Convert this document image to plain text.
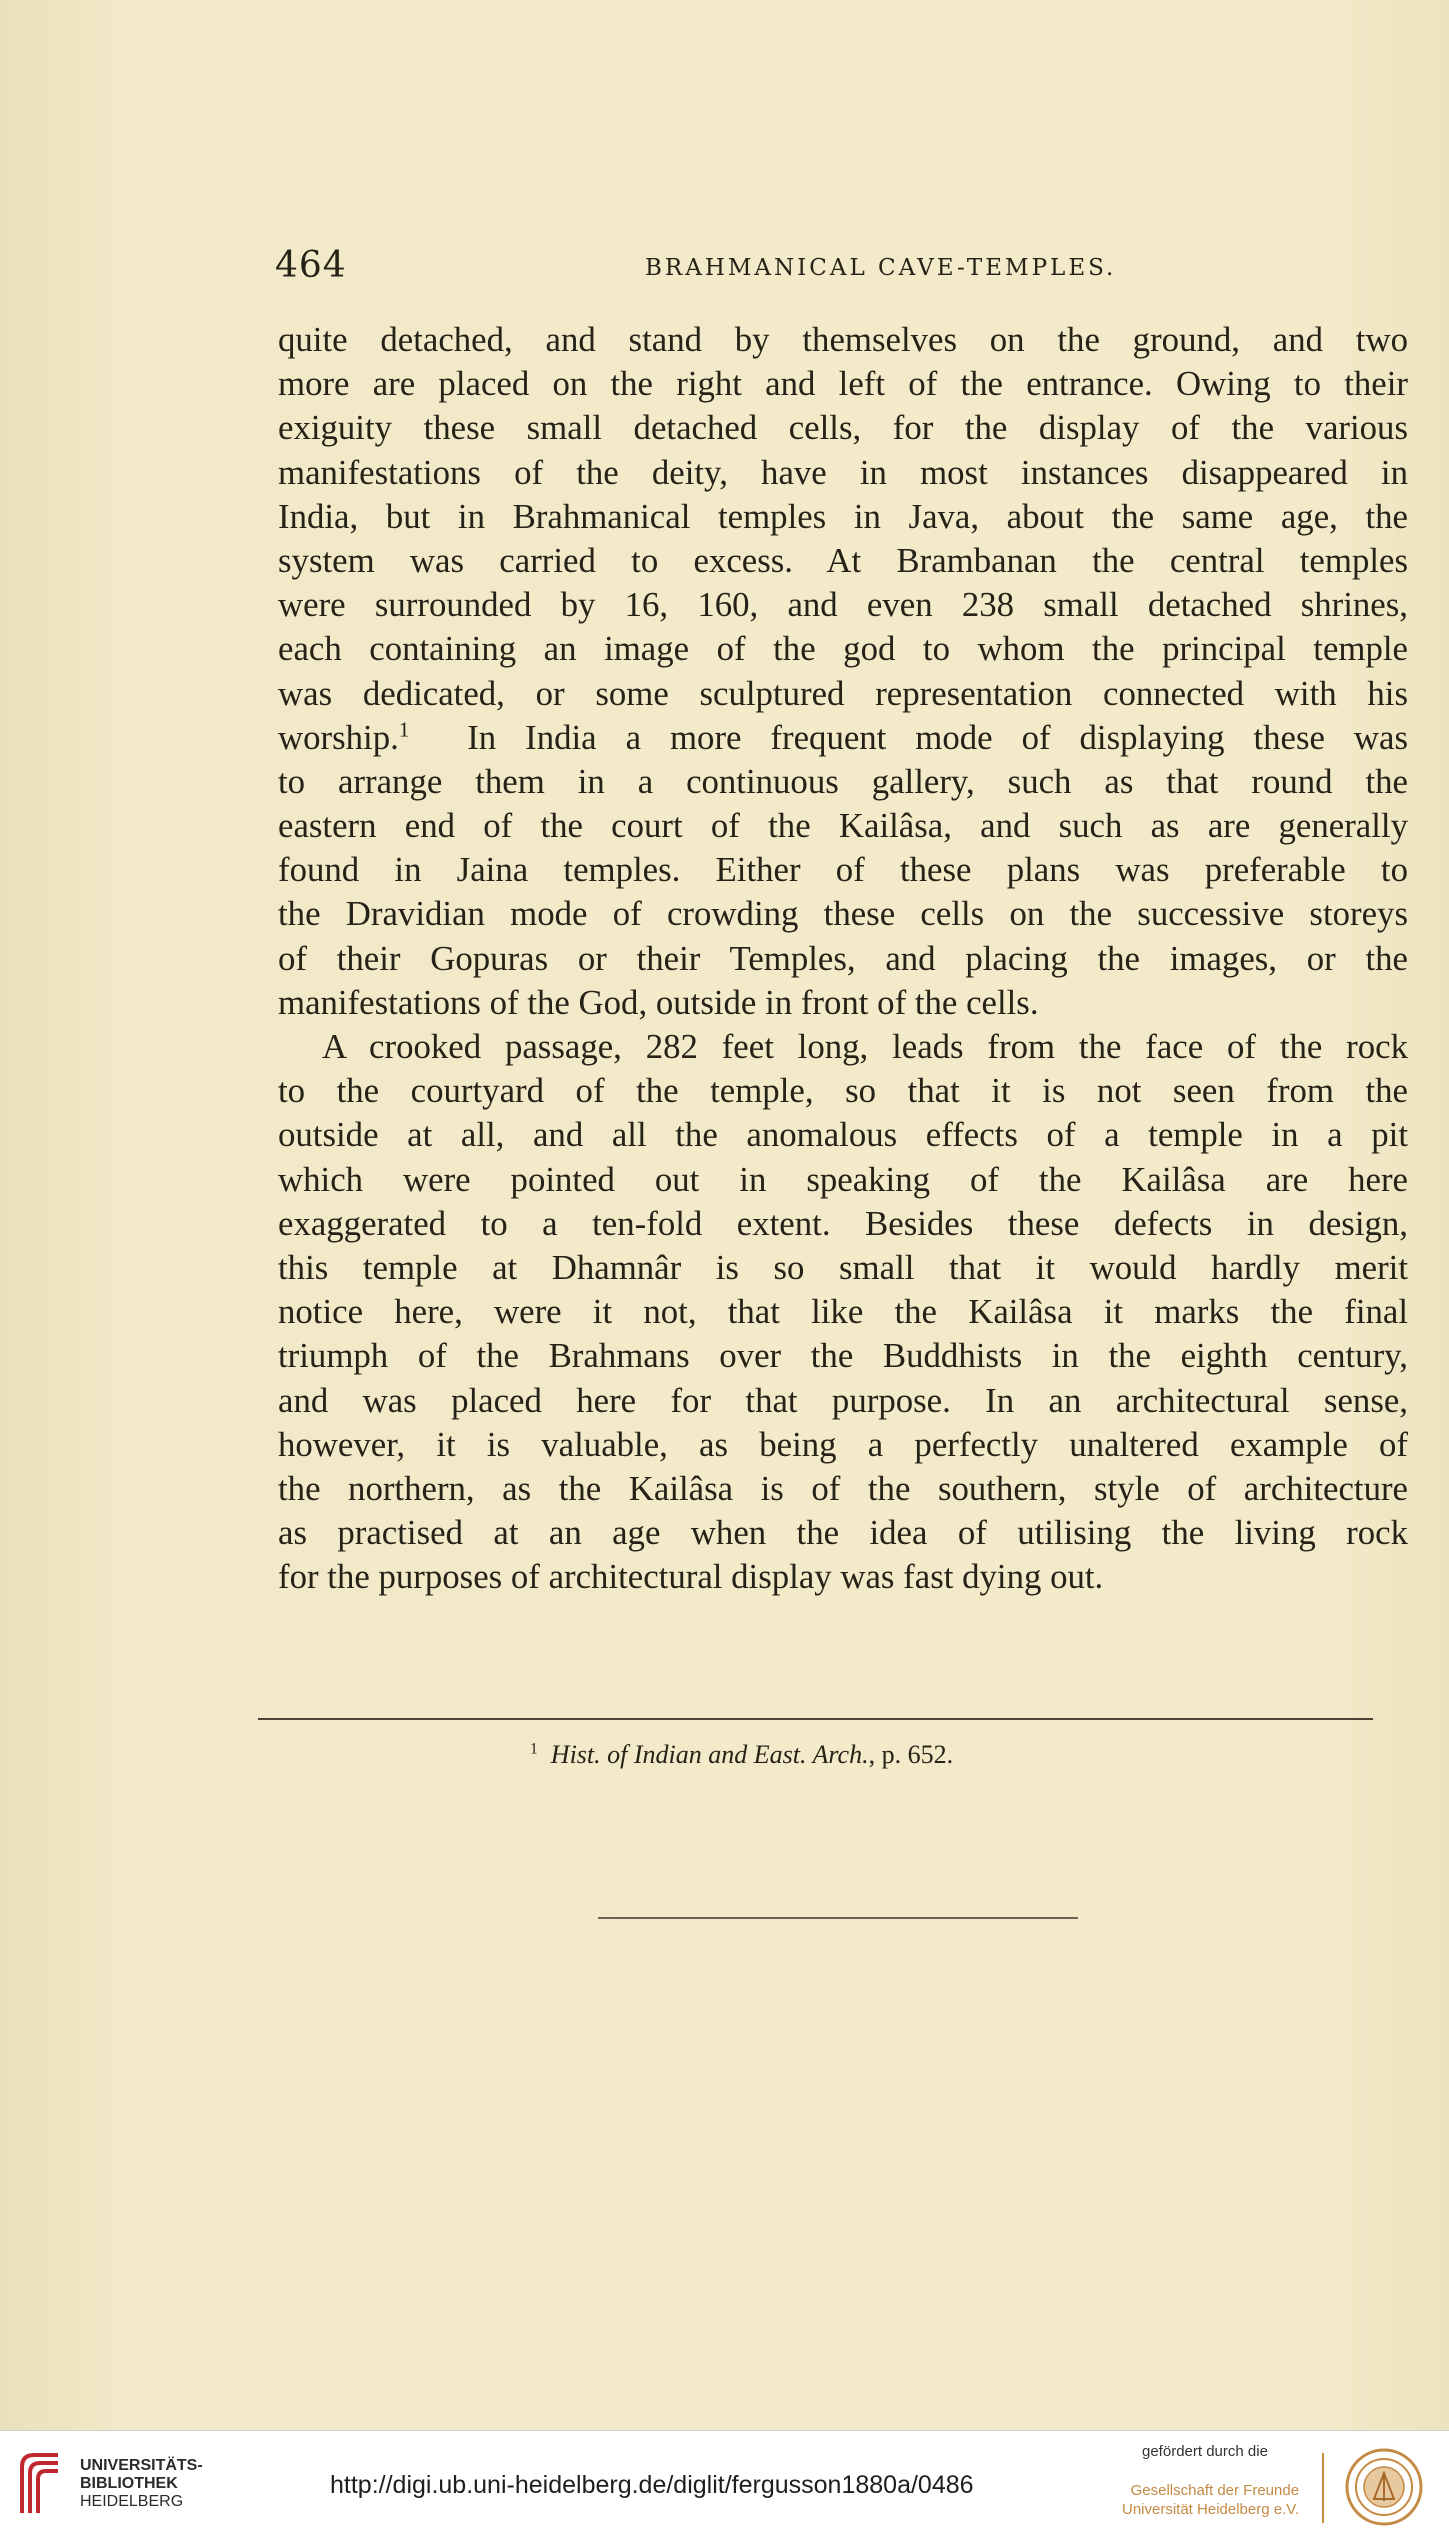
464	BRAHMANICAL CAVE-TEMPLES.

quite detached, and stand by themselves on the ground, and two
more are placed on the right and left of the entrance. Owing to their
exiguity these small detached cells, for the display of the various
manifestations of the deity, have in most instances disappeared in
India, but in Brahmanical temples in Java, about the same age, the
system was carried to excess. At Brambanan the central temples
were surrounded by 16, 160, and even 238 small detached shrines,
each containing an image of the god to whom the principal temple
was dedicated, or some sculptured representation connected with his
worship.$^1$ In India a more frequent mode of displaying these was
to arrange them in a continuous gallery, such as that round the
eastern end of the court of the Kailâsa, and such as are generally
found in Jaina temples. Either of these plans was preferable to
the Dravidian mode of crowding these cells on the successive storeys
of their Gopuras or their Temples, and placing the images, or the
manifestations of the God, outside in front of the cells.

A crooked passage, 282 feet long, leads from the face of the rock
to the courtyard of the temple, so that it is not seen from the
outside at all, and all the anomalous effects of a temple in a pit
which were pointed out in speaking of the Kailâsa are here
exaggerated to a ten-fold extent. Besides these defects in design,
this temple at Dhamnâr is so small that it would hardly merit
notice here, were it not, that like the Kailâsa it marks the final
triumph of the Brahmans over the Buddhists in the eighth century,
and was placed here for that purpose. In an architectural sense,
however, it is valuable, as being a perfectly unaltered example of
the northern, as the Kailâsa is of the southern, style of architecture
as practised at an age when the idea of utilising the living rock
for the purposes of architectural display was fast dying out.

$^1$ Hist. of Indian and East. Arch., p. 652.
UNIVERSITÄTS-
BIBLIOTHEK
HEIDELBERG
http://digi.ub.uni-heidelberg.de/diglit/fergusson1880a/0486
gefördert durch die
Gesellschaft der Freunde
Universität Heidelberg e.V.
